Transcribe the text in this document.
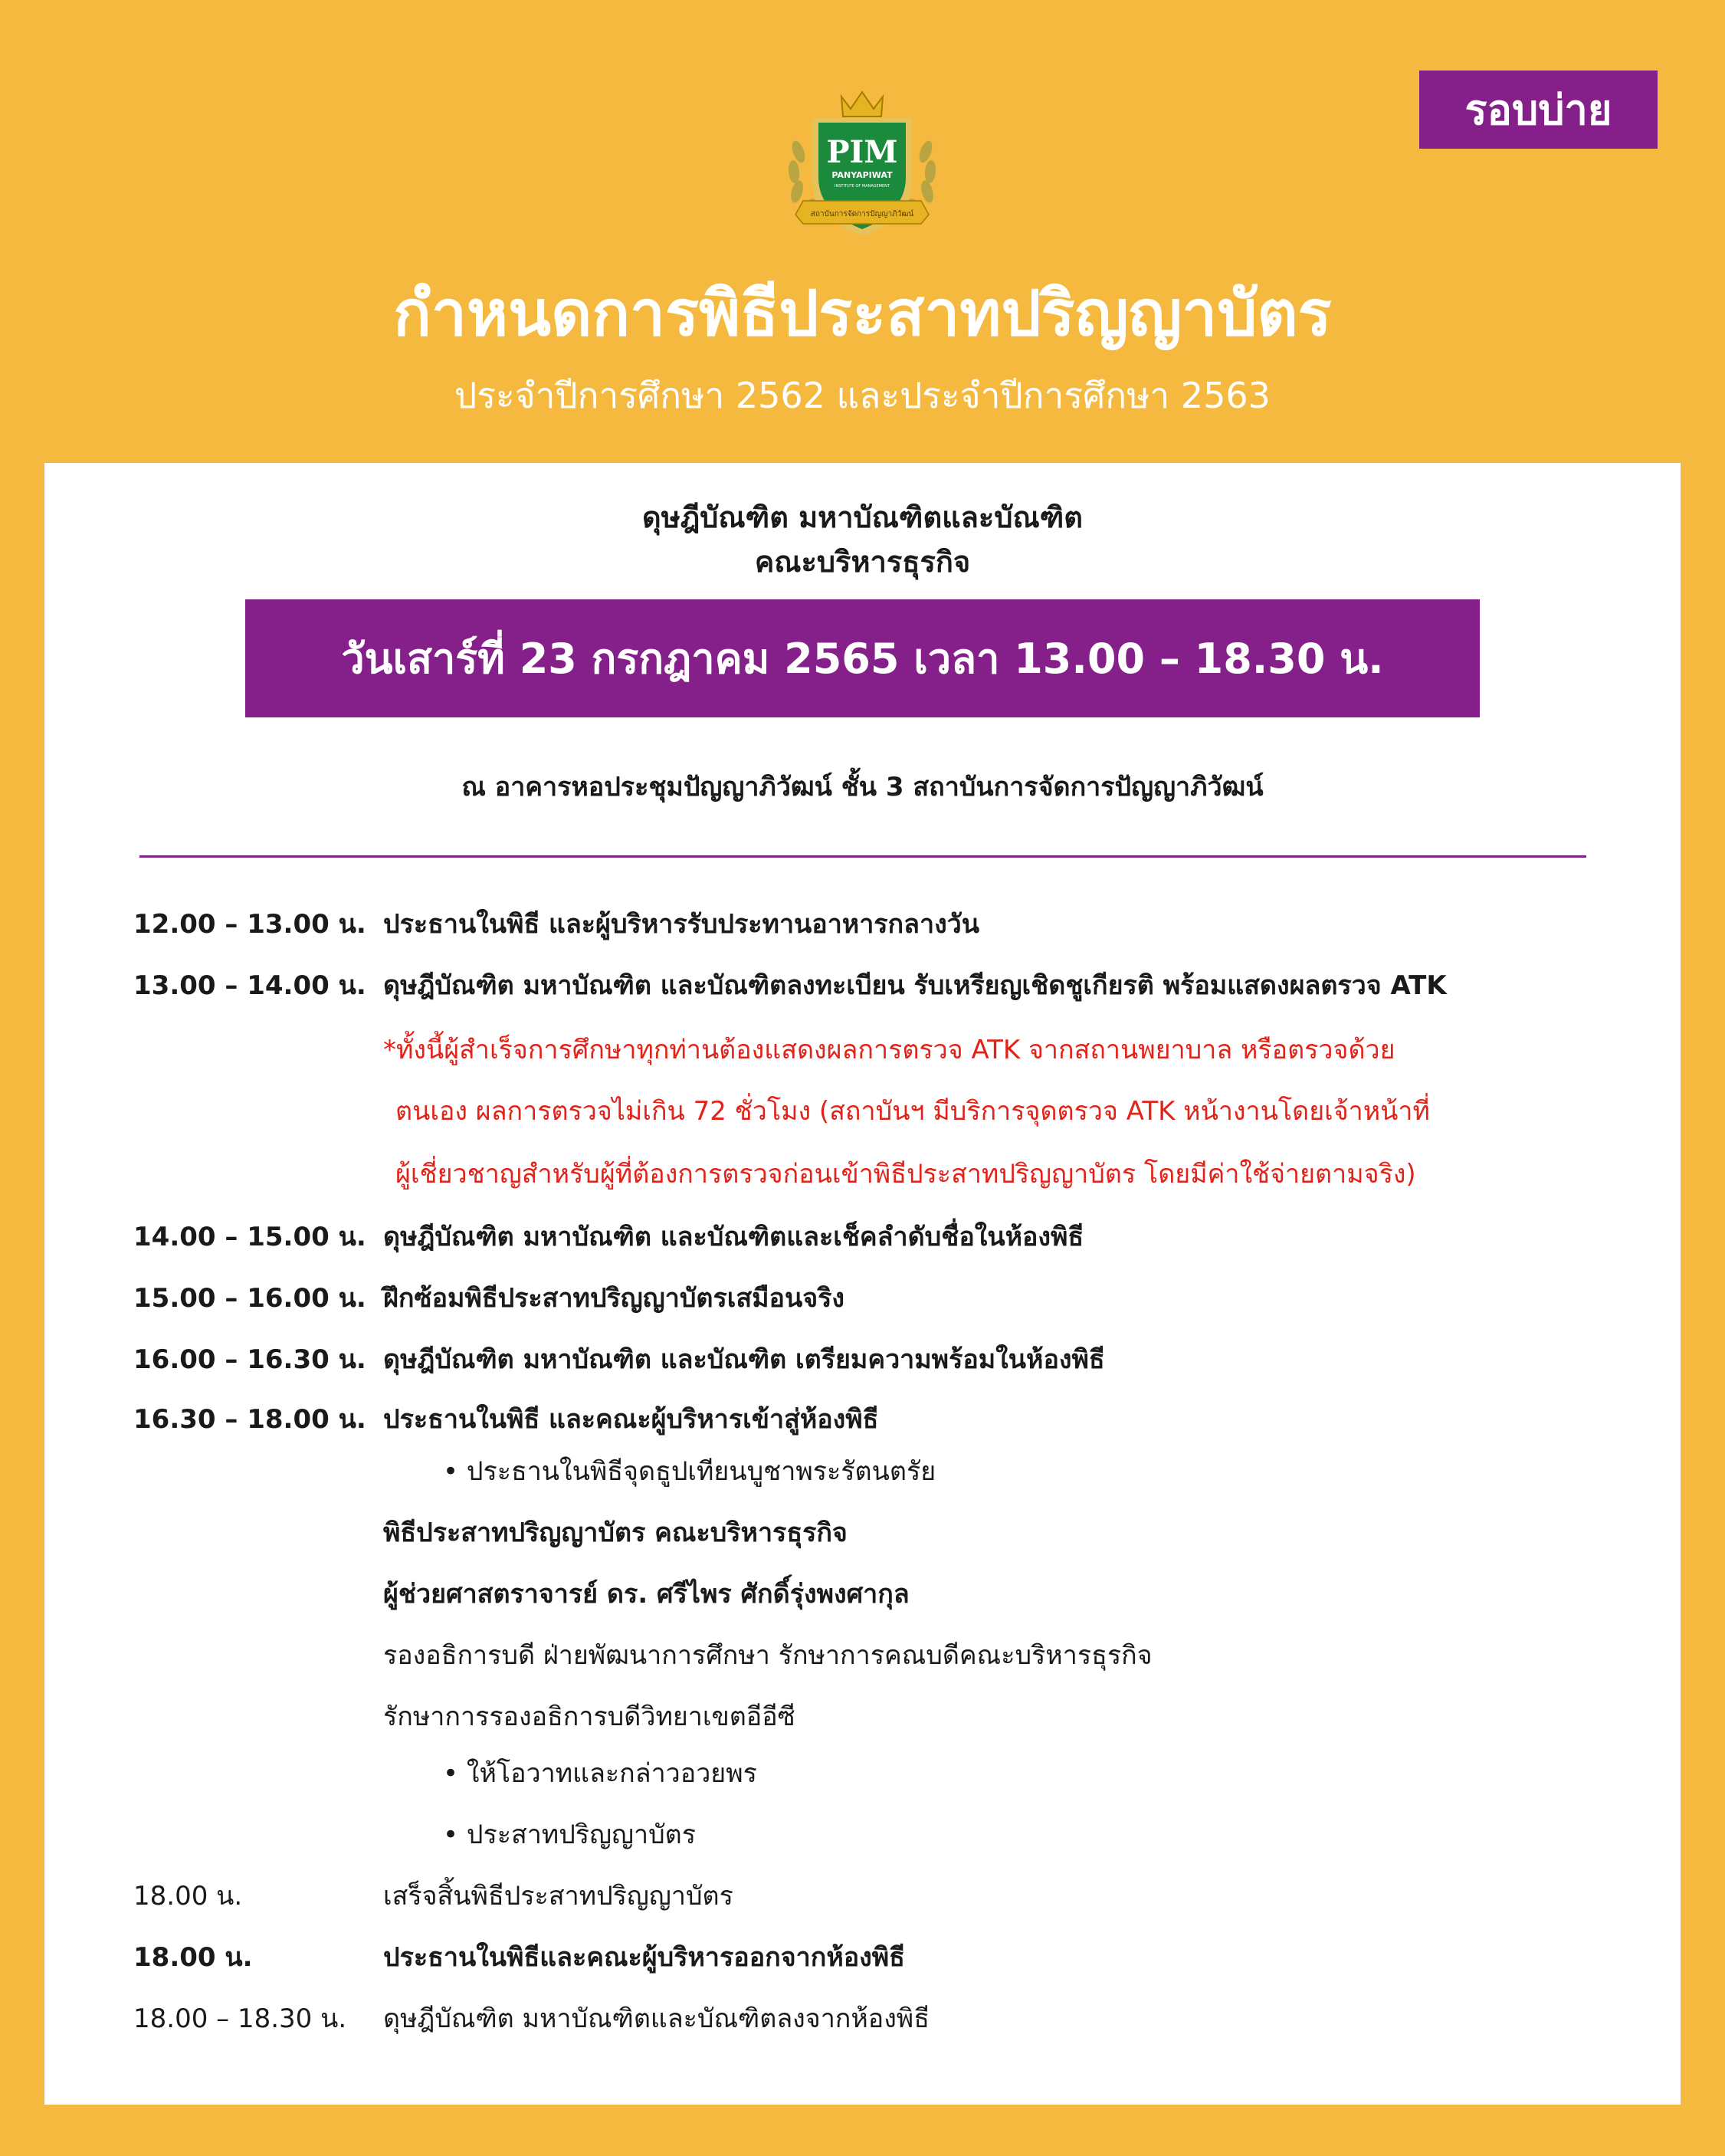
รอบบ่าย
PIM
PANYAPIWAT
INSTITUTE OF MANAGEMENT
สถาบันการจัดการปัญญาภิวัฒน์
กำหนดการพิธีประสาทปริญญาบัตร
ประจำปีการศึกษา 2562 และประจำปีการศึกษา 2563
ดุษฎีบัณฑิต มหาบัณฑิตและบัณฑิต
คณะบริหารธุรกิจ
วันเสาร์ที่ 23 กรกฎาคม 2565 เวลา 13.00 – 18.30 น.
ณ อาคารหอประชุมปัญญาภิวัฒน์ ชั้น 3 สถาบันการจัดการปัญญาภิวัฒน์
12.00 – 13.00 น. ประธานในพิธี และผู้บริหารรับประทานอาหารกลางวัน
13.00 – 14.00 น. ดุษฎีบัณฑิต มหาบัณฑิต และบัณฑิตลงทะเบียน รับเหรียญเชิดชูเกียรติ พร้อมแสดงผลตรวจ ATK
*ทั้งนี้ผู้สำเร็จการศึกษาทุกท่านต้องแสดงผลการตรวจ ATK จากสถานพยาบาล หรือตรวจด้วย
ตนเอง ผลการตรวจไม่เกิน 72 ชั่วโมง (สถาบันฯ มีบริการจุดตรวจ ATK หน้างานโดยเจ้าหน้าที่
ผู้เชี่ยวชาญสำหรับผู้ที่ต้องการตรวจก่อนเข้าพิธีประสาทปริญญาบัตร โดยมีค่าใช้จ่ายตามจริง)
14.00 – 15.00 น. ดุษฎีบัณฑิต มหาบัณฑิต และบัณฑิตและเช็คลำดับชื่อในห้องพิธี
15.00 – 16.00 น. ฝึกซ้อมพิธีประสาทปริญญาบัตรเสมือนจริง
16.00 – 16.30 น. ดุษฎีบัณฑิต มหาบัณฑิต และบัณฑิต เตรียมความพร้อมในห้องพิธี
16.30 – 18.00 น. ประธานในพิธี และคณะผู้บริหารเข้าสู่ห้องพิธี
• ประธานในพิธีจุดธูปเทียนบูชาพระรัตนตรัย
พิธีประสาทปริญญาบัตร คณะบริหารธุรกิจ
ผู้ช่วยศาสตราจารย์ ดร. ศรีไพร ศักดิ์รุ่งพงศากุล
รองอธิการบดี ฝ่ายพัฒนาการศึกษา รักษาการคณบดีคณะบริหารธุรกิจ
รักษาการรองอธิการบดีวิทยาเขตอีอีซี
• ให้โอวาทและกล่าวอวยพร
• ประสาทปริญญาบัตร
18.00 น.	เสร็จสิ้นพิธีประสาทปริญญาบัตร
18.00 น.	ประธานในพิธีและคณะผู้บริหารออกจากห้องพิธี
18.00 – 18.30 น. ดุษฎีบัณฑิต มหาบัณฑิตและบัณฑิตลงจากห้องพิธี
